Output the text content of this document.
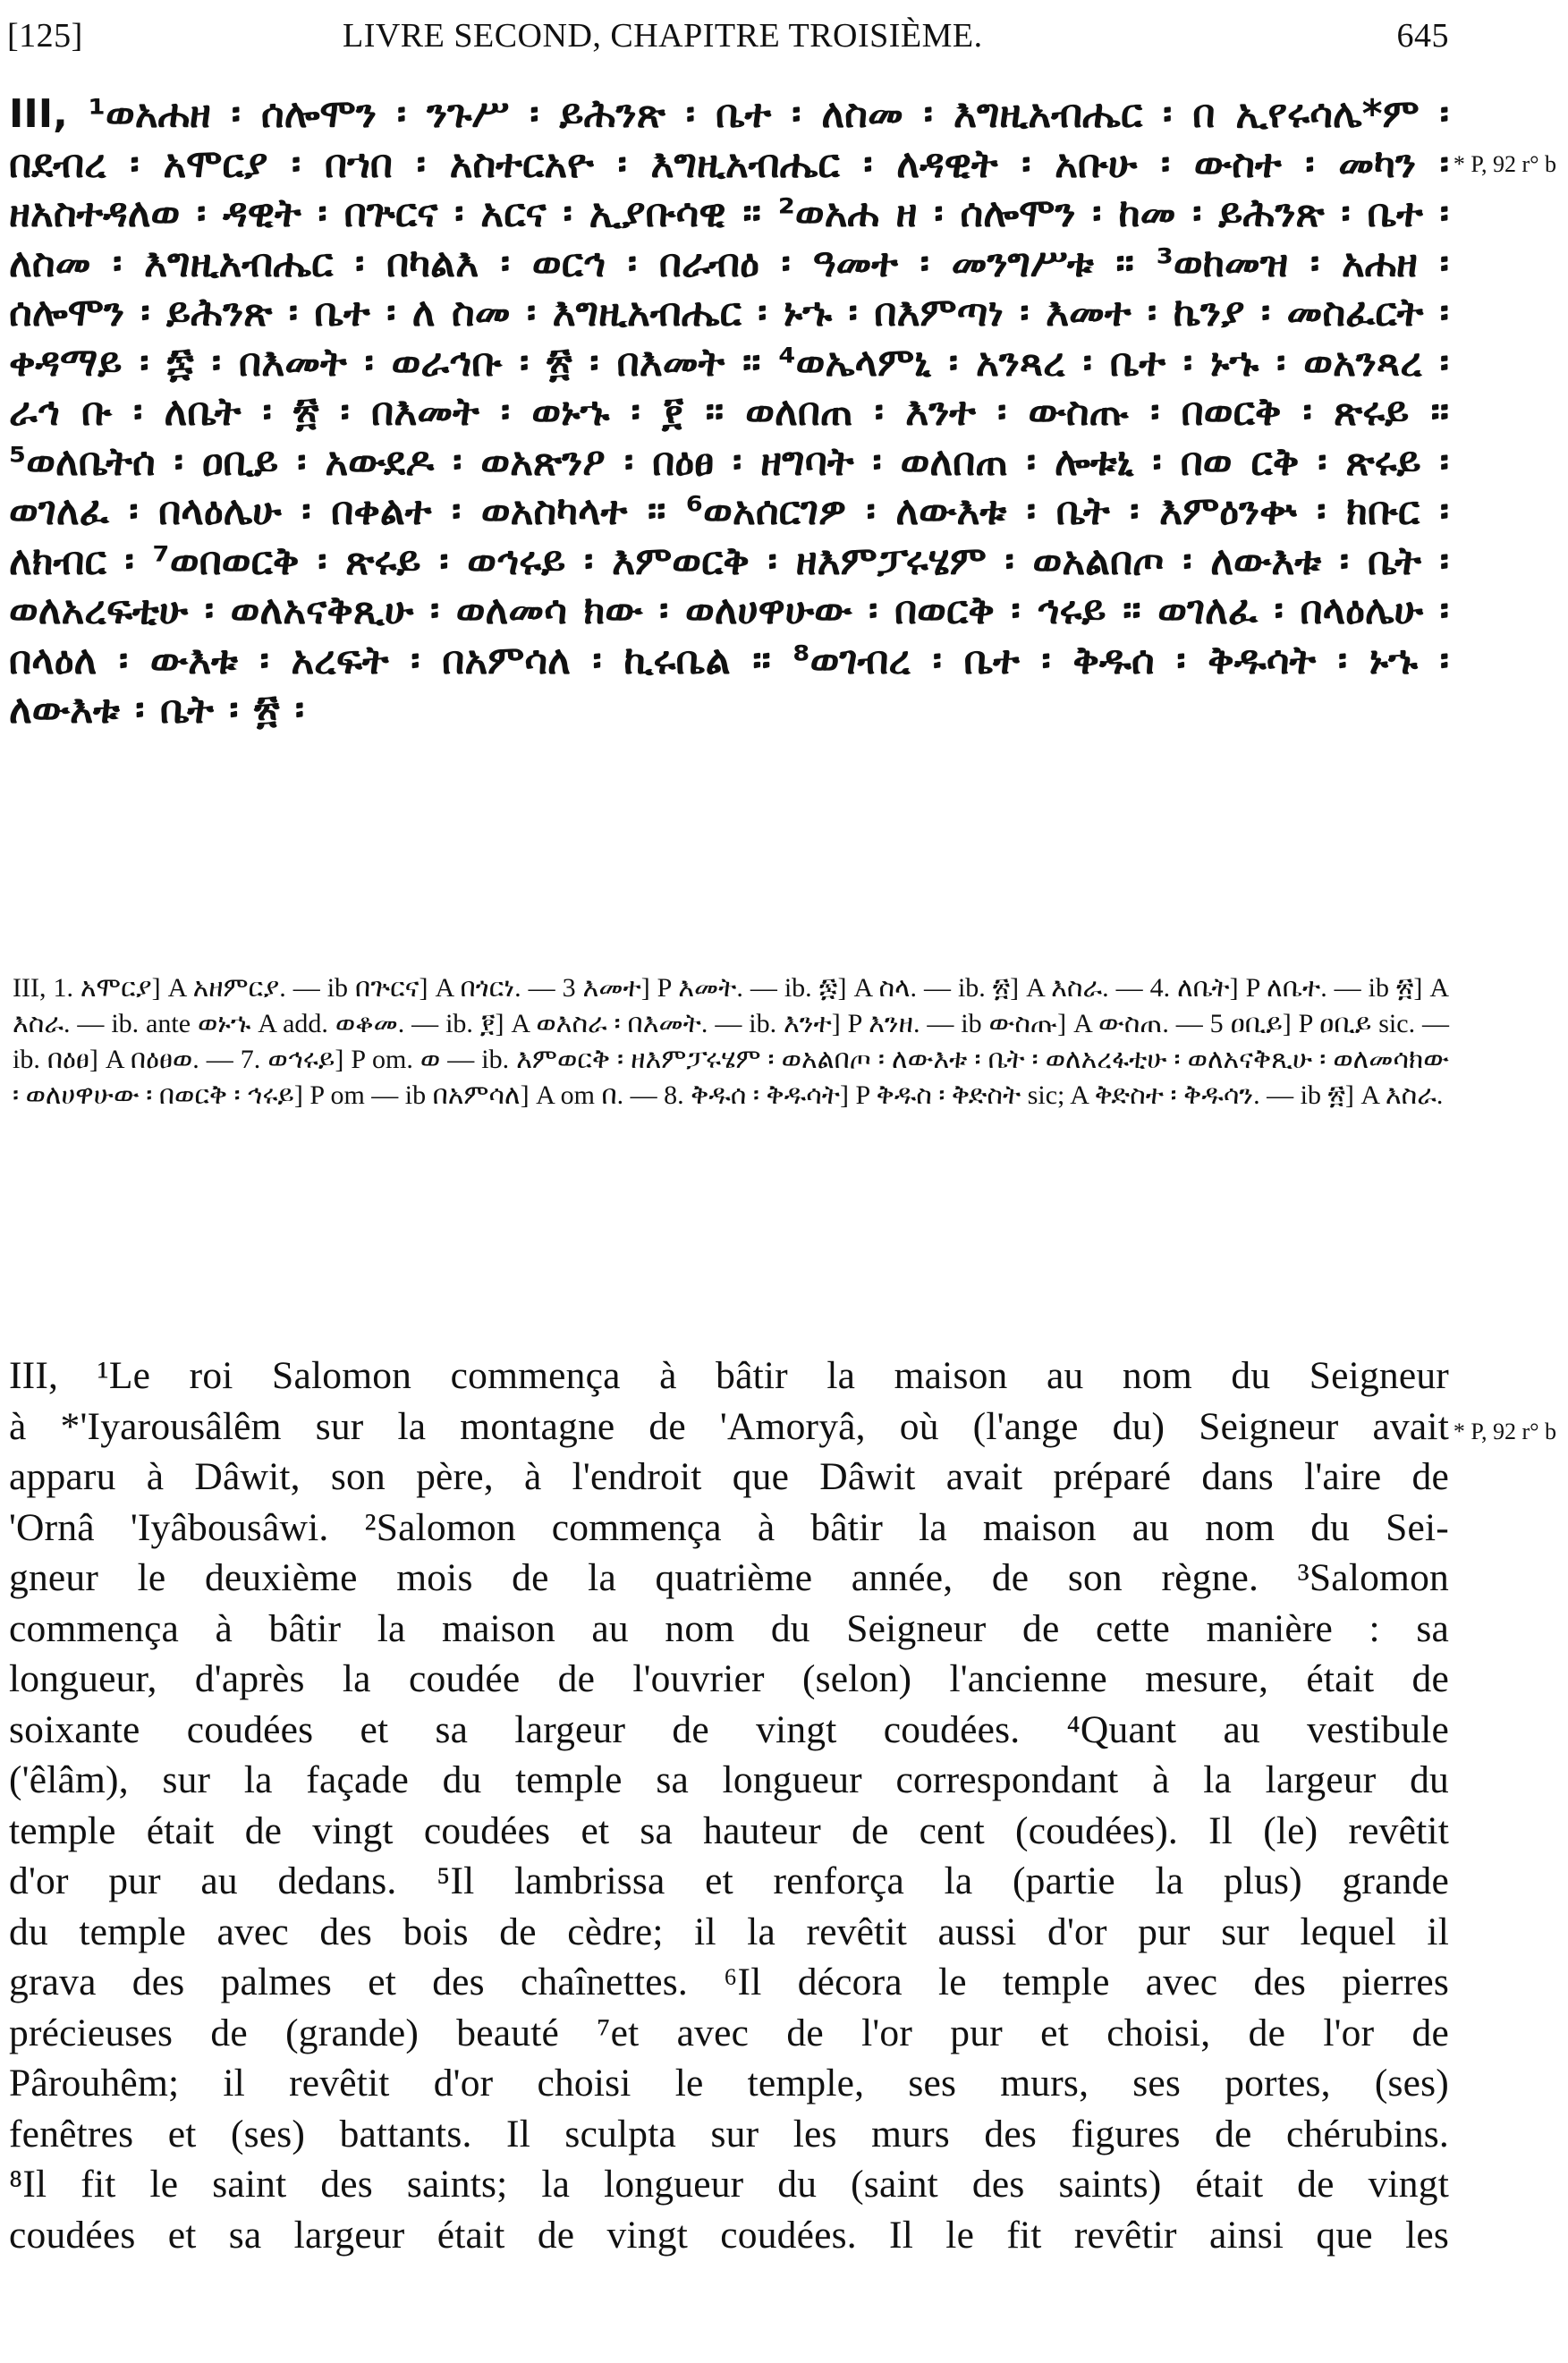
[125]	LIVRE SECOND, CHAPITRE TROISIÈME.	645
III, ¹ወአሐዘ ፡ ሰሎሞን ፡ ንጉሥ ፡ ይሕንጽ ፡ ቤተ ፡ ለስመ ፡ እግዚአብሔር ፡ በ ኢየሩሳሌ*ም ፡ በደብረ ፡ አሞርያ ፡ በኀበ ፡ አስተርአዮ ፡ እግዚአብሔር ፡ ለዳዊት ፡ አቡሁ ፡ ውስተ ፡ መካን ፡ ዘአስተዳለወ ፡ ዳዊት ፡ በጕርና ፡ አርና ፡ ኢያቡሳዊ ። ²ወአሐ ዘ ፡ ሰሎሞን ፡ ከመ ፡ ይሕንጽ ፡ ቤተ ፡ ለስመ ፡ እግዚአብሔር ፡ በካልእ ፡ ወርኅ ፡ በራብዕ ፡ ዓመተ ፡ መንግሥቱ ። ³ወከመዝ ፡ አሐዘ ፡ ሰሎሞን ፡ ይሕንጽ ፡ ቤተ ፡ ለ ስመ ፡ እግዚአብሔር ፡ ኑኁ ፡ በእምጣነ ፡ እመተ ፡ ኬንያ ፡ መስፈርት ፡ ቀዳማይ ፡ ፷ ፡ በእመት ፡ ወራኅቡ ፡ ፳ ፡ በእመት ። ⁴ወኤላምኒ ፡ አንጻረ ፡ ቤተ ፡ ኑኁ ፡ ወአንጻረ ፡ ራኅ ቡ ፡ ለቤት ፡ ፳ ፡ በእመት ፡ ወኑኁ ፡ ፻ ። ወለበጠ ፡ እንተ ፡ ውስጡ ፡ በወርቅ ፡ ጽሩይ ። ⁵ወለቤትሰ ፡ ዐቢይ ፡ አውደዶ ፡ ወአጽንዖ ፡ በዕፀ ፡ ዘግባት ፡ ወለበጠ ፡ ሎቱኒ ፡ በወ ርቅ ፡ ጽሩይ ፡ ወገለፈ ፡ በላዕሌሁ ፡ በቀልተ ፡ ወአስካላተ ። ⁶ወአሰርገዎ ፡ ለውእቱ ፡ ቤት ፡ እምዕንቍ ፡ ክቡር ፡ ለክብር ፡ ⁷ወበወርቅ ፡ ጽሩይ ፡ ወኅሩይ ፡ እምወርቅ ፡ ዘእምፓሩሄም ፡ ወአልበጦ ፡ ለውእቱ ፡ ቤት ፡ ወለአረፍቲሁ ፡ ወለአናቅጺሁ ፡ ወለመሳ ክው ፡ ወለሀዋሁው ፡ በወርቅ ፡ ኅሩይ ። ወገለፈ ፡ በላዕሌሁ ፡ በላዕለ ፡ ውእቱ ፡ አረፍት ፡ በአምሳለ ፡ ኪሩቤል ። ⁸ወገብረ ፡ ቤተ ፡ ቅዱሰ ፡ ቅዱሳት ፡ ኑኁ ፡ ለውእቱ ፡ ቤት ፡ ፳ ፡
* P, 92 r° b
III, 1. አሞርያ] A አዘምርያ. — ib በጕርና] A በጎርነ. — 3 እመተ] P እመት. — ib. ፷] A ስላ. — ib. ፳] A እስራ. — 4. ለቤት] P ለቤተ. — ib ፳] A እስራ. — ib. ante ወኑኁ A add. ወቆመ. — ib. ፻] A ወእስራ ፡ በእመት. — ib. እንተ] P እንዘ. — ib ውስጡ] A ውስጠ. — 5 ዐቢይ] P ዐቢይ sic. — ib. በዕፀ] A በዕፀወ. — 7. ወኅሩይ] P om. ወ — ib. እምወርቅ ፡ ዘእምፓሩሄም ፡ ወአልበጦ ፡ ለውእቱ ፡ ቤት ፡ ወለአረፋቲሁ ፡ ወለአናቅጺሁ ፡ ወለመሳክው ፡ ወለሀዋሁው ፡ በወርቅ ፡ ኅሩይ] P om — ib በአምሳለ] A om በ. — 8. ቅዱሰ ፡ ቅዱሳት] P ቅዱስ ፡ ቅድስት sic; A ቅድስተ ፡ ቅዱሳን. — ib ፳] A እስራ.
III, ¹Le roi Salomon commença à bâtir la maison au nom du Seigneur
à *'Iyarousâlêm sur la montagne de 'Amoryâ, où (l'ange du) Seigneur avait
apparu à Dâwit, son père, à l'endroit que Dâwit avait préparé dans l'aire de
'Ornâ 'Iyâbousâwi. ²Salomon commença à bâtir la maison au nom du Sei-
gneur le deuxième mois de la quatrième année, de son règne. ³Salomon
commença à bâtir la maison au nom du Seigneur de cette manière : sa
longueur, d'après la coudée de l'ouvrier (selon) l'ancienne mesure, était de
soixante coudées et sa largeur de vingt coudées. ⁴Quant au vestibule
('êlâm), sur la façade du temple sa longueur correspondant à la largeur du
temple était de vingt coudées et sa hauteur de cent (coudées). Il (le) revêtit
d'or pur au dedans. ⁵Il lambrissa et renforça la (partie la plus) grande
du temple avec des bois de cèdre; il la revêtit aussi d'or pur sur lequel il
grava des palmes et des chaînettes. ⁶Il décora le temple avec des pierres
précieuses de (grande) beauté ⁷et avec de l'or pur et choisi, de l'or de
Pârouhêm; il revêtit d'or choisi le temple, ses murs, ses portes, (ses)
fenêtres et (ses) battants. Il sculpta sur les murs des figures de chérubins.
⁸Il fit le saint des saints; la longueur du (saint des saints) était de vingt
coudées et sa largeur était de vingt coudées. Il le fit revêtir ainsi que les
* P, 92 r° b
